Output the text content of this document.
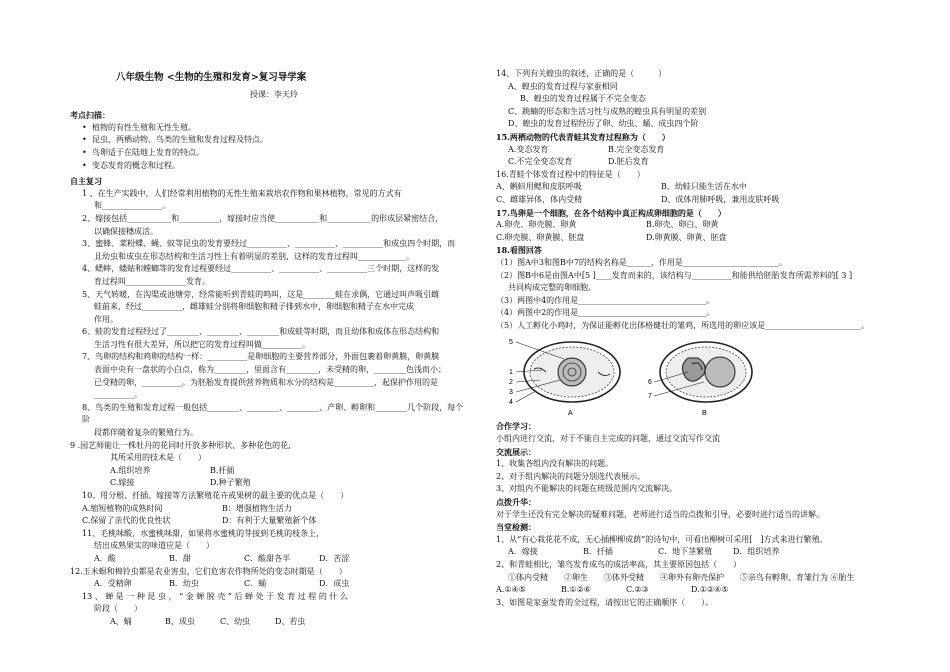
八年级生物 <生物的生殖和发育>复习导学案

授课：李天玲

考点扫描：

• 植物的有性生殖和无性生殖。
• 昆虫、两栖动物、鸟类的生殖和发育过程及特点。
• 鸟卵适于在陆地上发育的特点。
• 变态发育的概念和过程。

自主复习

1 、在生产实践中，人们经常利用植物的无性生殖来栽培农作物和果林植物，常见的方式有

和_______________。

2、嫁接包括___________和__________，嫁接时应当使___________和___________的形成层紧密结合，

以确保接穗成活。

3、蜜蜂、菜粉蝶、蝇、蚊等昆虫的发育要经过__________、__________、__________和成虫四个时期，而

且幼虫和成虫在形态结构和生活习性上有着明显的差别，这样的发育过程叫____________。

4、蟋蟀，蝼蛄和螳螂等的发育过程要经过__________、__________、__________三个时期，这样的发

育过程叫_______________发育。

5、天气转暖，在沟渠或池塘旁，经常能听到青蛙的鸣叫，这是________蛙在求偶，它通过叫声吸引雌

蛙前来，经过__________，雌雄蛙分别将卵细胞和精子排到水中，卵细胞和精子在水中完成

作用。

6、蛙的发育过程经过了________、________、________和成蛙等时期，而且幼体和成体在形态结构和

生活习性有很大差异，所以把它的发育过程叫做__________。

7、鸟卵的结构和鸡卵的结构一样：__________是卵细胞的主要营养部分，外面包裹着卵黄膜，卵黄膜

表面中央有一盘状的小白点，称为________，里面含有________，未受精的卵，________色浅而小；

已受精的卵，__________。为胚胎发育提供营养物质和水分的结构是__________，起保护作用的是

__________。

8、鸟类的生殖和发育过程一般包括________、________、________、产卵、孵卵和________几个阶段，每个阶

段都伴随着复杂的繁殖行为。

9 .园艺师能让一株牡丹的花同时开放多种形状、多种花色的花,

其所采用的技术是（　　）

A.组织培养	B.扦插
C.嫁接	D.种子繁殖

10、用分根、扦插、嫁接等方法繁殖花卉或果树的最主要的优点是（　　）

A.缩短植物的成熟时间	B：增强植物生活力
C.保留了亲代的优良性状	D：有利于大量繁殖新个体

11、毛桃味酸，水蜜桃味甜，如果将水蜜桃的芽接到毛桃的枝条上，

结出成熟果实的味道应是（　　）

A．酸	B．甜	C．酸甜各半	D．苦涩

12.玉米螟和棉铃虫都是农业害虫，它们危害农作物所处的变态时期是（　　）

A．受精卵	B．幼虫	C．蛹	D．成虫

13 、 蝉 是 一 种 昆 虫 ， “ 金 蝉 脱 壳 ” 后 蝉 处 于 发 育 过 程 的 什 么

阶段（　　）

A、蛹	B、成虫	C、幼虫	D、若虫

14、下列有关蝗虫的叙述，正确的是（　　　）

A、蝗虫的发育过程与家蚕相同

B、蝗虫的发育过程属于不完全变态

C、跳蝻的形态和生活习性与成熟的蝗虫具有明显的差别

D、蝗虫的发育过程经历了卵、幼虫、蛹、成虫四个阶

15.两栖动物的代表青蛙其发育过程称为（　　）

A.变态发育	B.完全变态发育
C.不完全变态发育	D.胚后发育

16.青蛙个体发育过程中的特征是（　　）

A、蝌蚪用鳃和皮肤呼吸	B、幼蛙只能生活在水中
C、雌雄异体，体内受精	D、成体用肺呼吸，兼用皮肤呼吸

17.鸟卵是一个细胞，在各个结构中真正构成卵细胞的是（　　）

A.卵壳、卵壳膜、卵黄	B.卵壳、卵白、卵黄
C.卵壳膜、卵黄膜、胚盘	D.卵黄膜、卵黄、胚盘

18.看图回答

（1）图A中3和图B中7的结构名称是______，作用是________________________。

（2）图B中6是由图A中[5 ]____发育而来的，该结构与__________和能供给胚胎发育所需养料的[ 3 ]

共同构成完整的卵细胞。

（3）两图中4的作用是________________________________。

（4）两图中2的作用是________________________________。

（5）人工孵化小鸡时，为保证能孵化出体格健壮的雏鸡，所选用的卵应该是________________________。

5
1
2
3
4
A
6
7
B

合作学习：

小组内进行交流，对于不能自主完成的问题，通过交流写作交流

交流展示：

1、收集各组内没有解决的问题。

2、对于组内解决的问题分別选代表展示。

3、对组内不能解决的问题在班级范围内交流解决。

点拨升华：

对于学生还没有完全解决的疑难问题，老师进行适当的点拨和引导，必要时进行适当的讲解。

当堂检测：

1、从“有心栽花花不成，无心插柳柳成荫”的诗句中，可看出柳树可采用[　]方式来进行繁殖。

A．嫁接	B．扦插	C．地下茎繁殖	D．组织培养

2、和青蛙相比，雏鸟发育成鸟的成活率高，其主要原因包括（　　）

①体内受精　　②卵生　　③体外受精　　④卵外有卵壳保护　　⑤亲鸟有孵卵、育雏行为 ⑥胎生

A.①④⑤	B.①②⑥	C.②③	D.①②④⑤

3、如图是家蚕发育的全过程，请按出它的正确顺序（　　）。
